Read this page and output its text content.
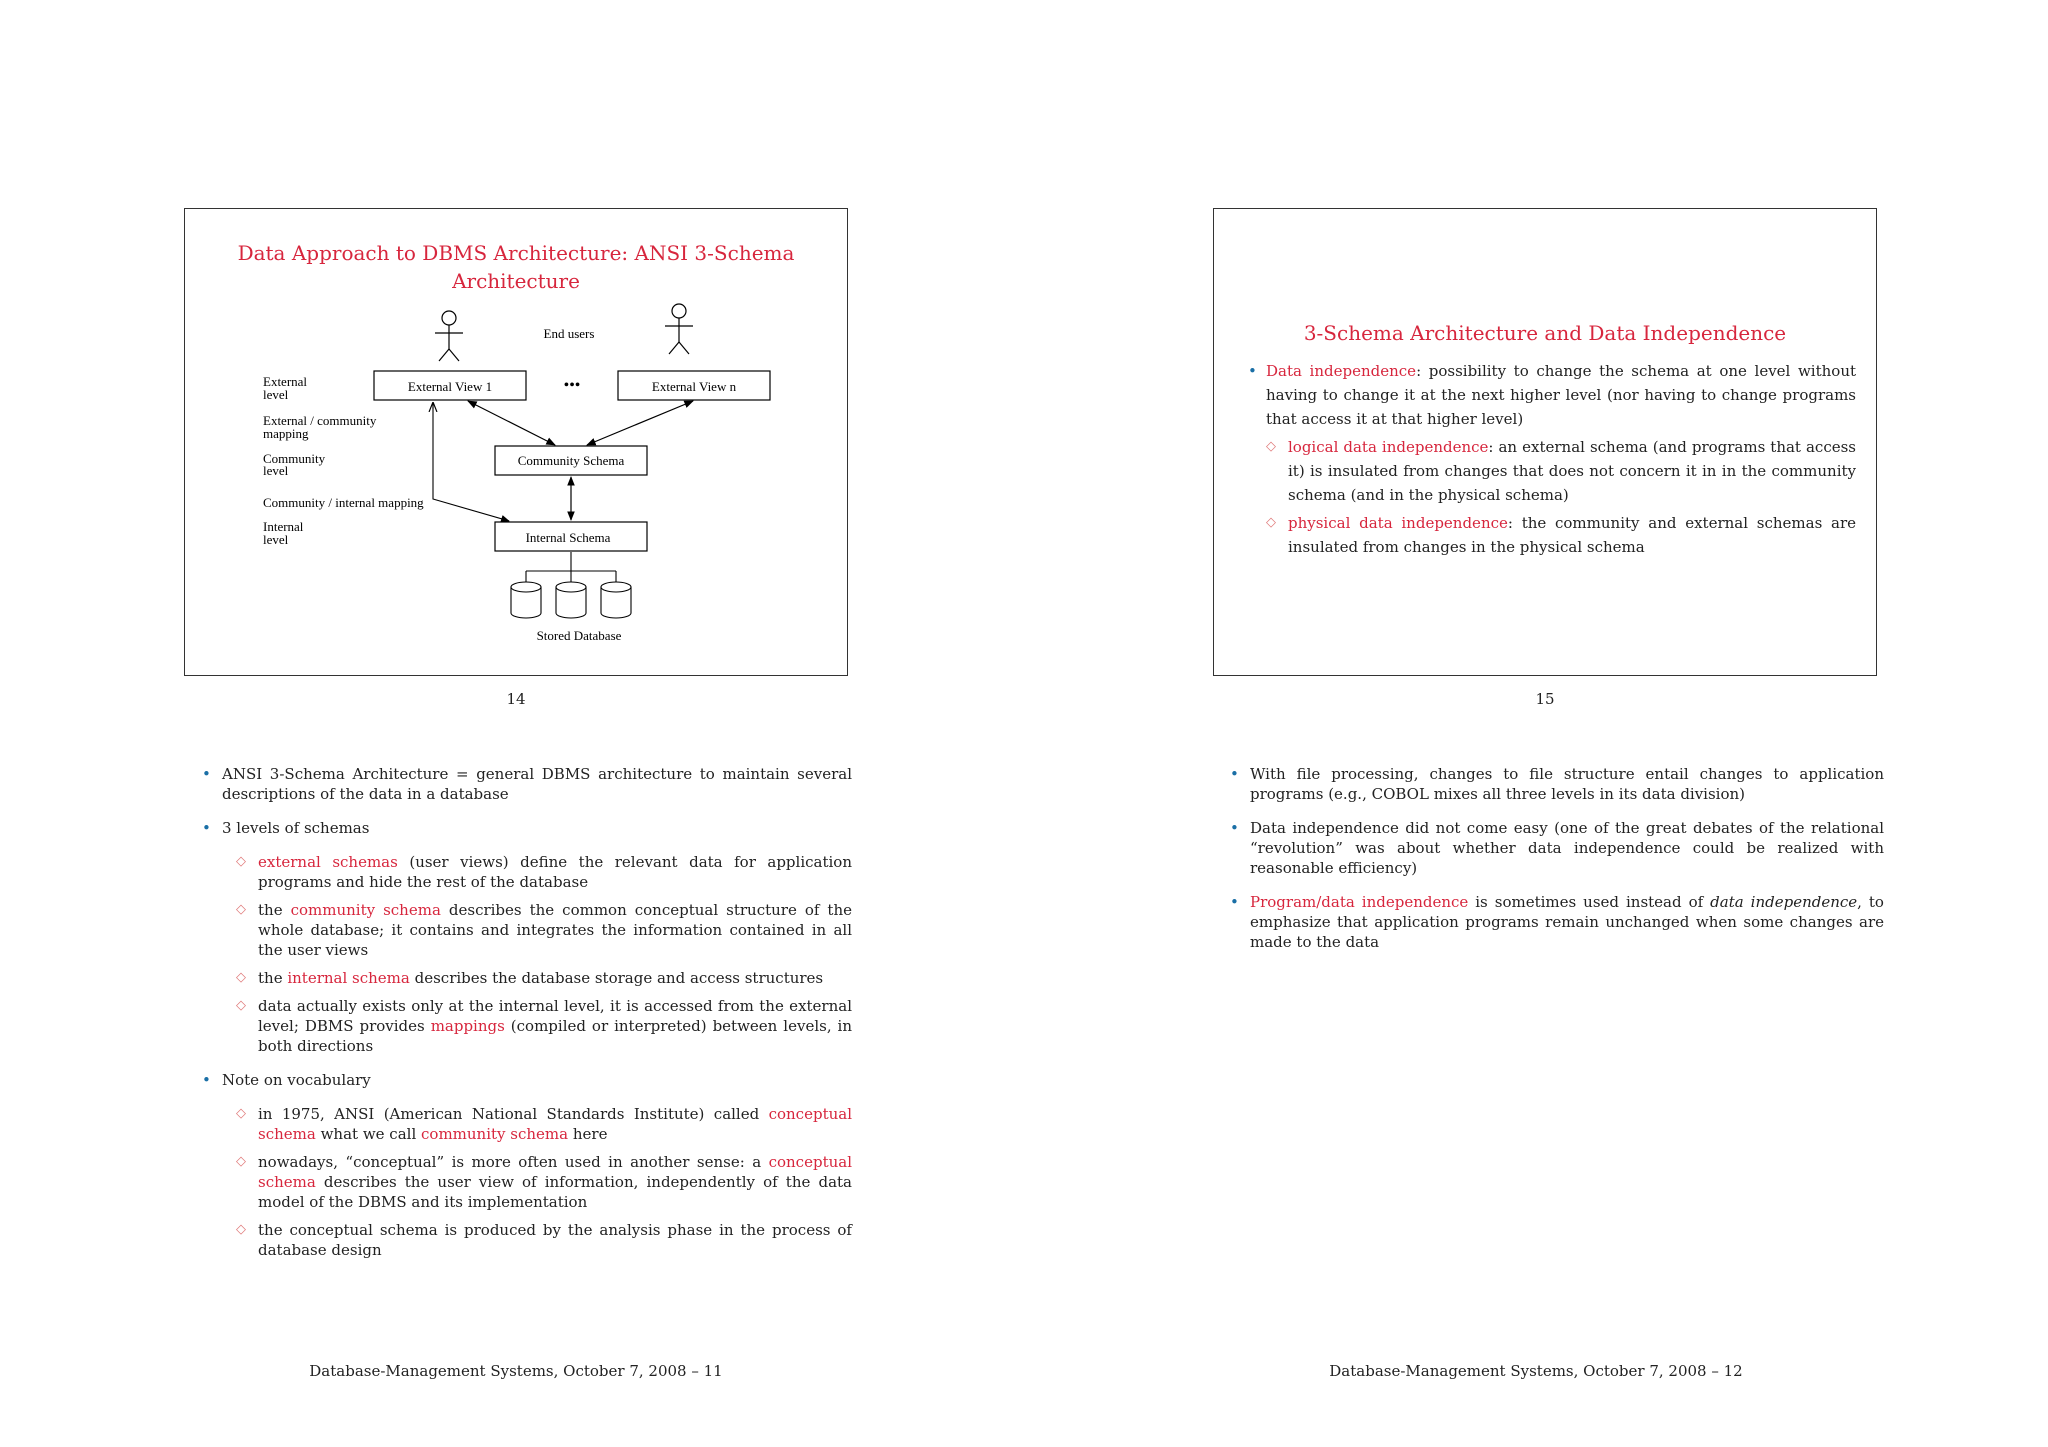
Data Approach to DBMS Architecture: ANSI 3-Schema
Architecture
End users
External
level
External / community
mapping
Community
level
Community / internal mapping
Internal
level
External View 1	•••	External View n
Community Schema
Internal Schema
Stored Database
14
• ANSI 3-Schema Architecture = general DBMS architecture to maintain several descriptions of the data in a database
• 3 levels of schemas
◇ external schemas (user views) define the relevant data for application programs and hide the rest of the database
◇ the community schema describes the common conceptual structure of the whole database; it contains and integrates the information contained in all the user views
◇ the internal schema describes the database storage and access structures
◇ data actually exists only at the internal level, it is accessed from the external level; DBMS provides mappings (compiled or interpreted) between levels, in both directions
• Note on vocabulary
◇ in 1975, ANSI (American National Standards Institute) called conceptual schema what we call community schema here
◇ nowadays, “conceptual” is more often used in another sense: a conceptual schema describes the user view of information, independently of the data model of the DBMS and its implementation
◇ the conceptual schema is produced by the analysis phase in the process of database design
Database-Management Systems, October 7, 2008 – 11
3-Schema Architecture and Data Independence
• Data independence: possibility to change the schema at one level without having to change it at the next higher level (nor having to change programs that access it at that higher level)
◇ logical data independence: an external schema (and programs that access it) is insulated from changes that does not concern it in in the community schema (and in the physical schema)
◇ physical data independence: the community and external schemas are insulated from changes in the physical schema
15
• With file processing, changes to file structure entail changes to application programs (e.g., COBOL mixes all three levels in its data division)
• Data independence did not come easy (one of the great debates of the relational “revolution” was about whether data independence could be realized with reasonable efficiency)
• Program/data independence is sometimes used instead of data independence, to emphasize that application programs remain unchanged when some changes are made to the data
Database-Management Systems, October 7, 2008 – 12
